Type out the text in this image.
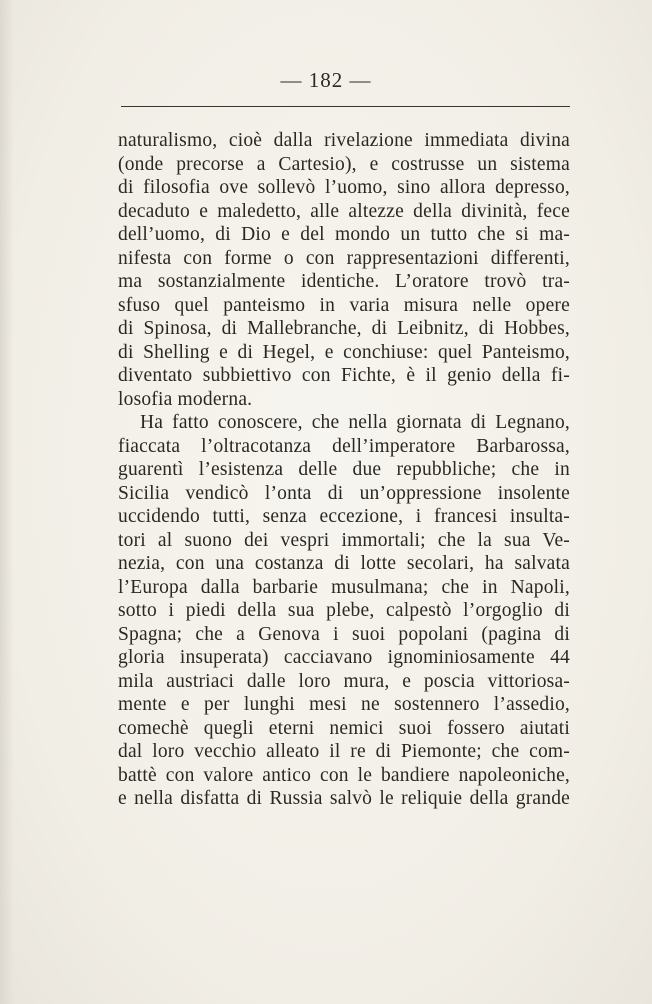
— 182 —
naturalismo, cioè dalla rivelazione immediata divina
(onde precorse a Cartesio), e costrusse un sistema
di filosofia ove sollevò l’uomo, sino allora depresso,
decaduto e maledetto, alle altezze della divinità, fece
dell’uomo, di Dio e del mondo un tutto che si ma-
nifesta con forme o con rappresentazioni differenti,
ma sostanzialmente identiche. L’oratore trovò tra-
sfuso quel panteismo in varia misura nelle opere
di Spinosa, di Mallebranche, di Leibnitz, di Hobbes,
di Shelling e di Hegel, e conchiuse: quel Panteismo,
diventato subbiettivo con Fichte, è il genio della fi-
losofia moderna.
Ha fatto conoscere, che nella giornata di Legnano,
fiaccata l’oltracotanza dell’imperatore Barbarossa,
guarentì l’esistenza delle due repubbliche; che in
Sicilia vendicò l’onta di un’oppressione insolente
uccidendo tutti, senza eccezione, i francesi insulta-
tori al suono dei vespri immortali; che la sua Ve-
nezia, con una costanza di lotte secolari, ha salvata
l’Europa dalla barbarie musulmana; che in Napoli,
sotto i piedi della sua plebe, calpestò l’orgoglio di
Spagna; che a Genova i suoi popolani (pagina di
gloria insuperata) cacciavano ignominiosamente 44
mila austriaci dalle loro mura, e poscia vittoriosa-
mente e per lunghi mesi ne sostennero l’assedio,
comechè quegli eterni nemici suoi fossero aiutati
dal loro vecchio alleato il re di Piemonte; che com-
battè con valore antico con le bandiere napoleoniche,
e nella disfatta di Russia salvò le reliquie della grande
